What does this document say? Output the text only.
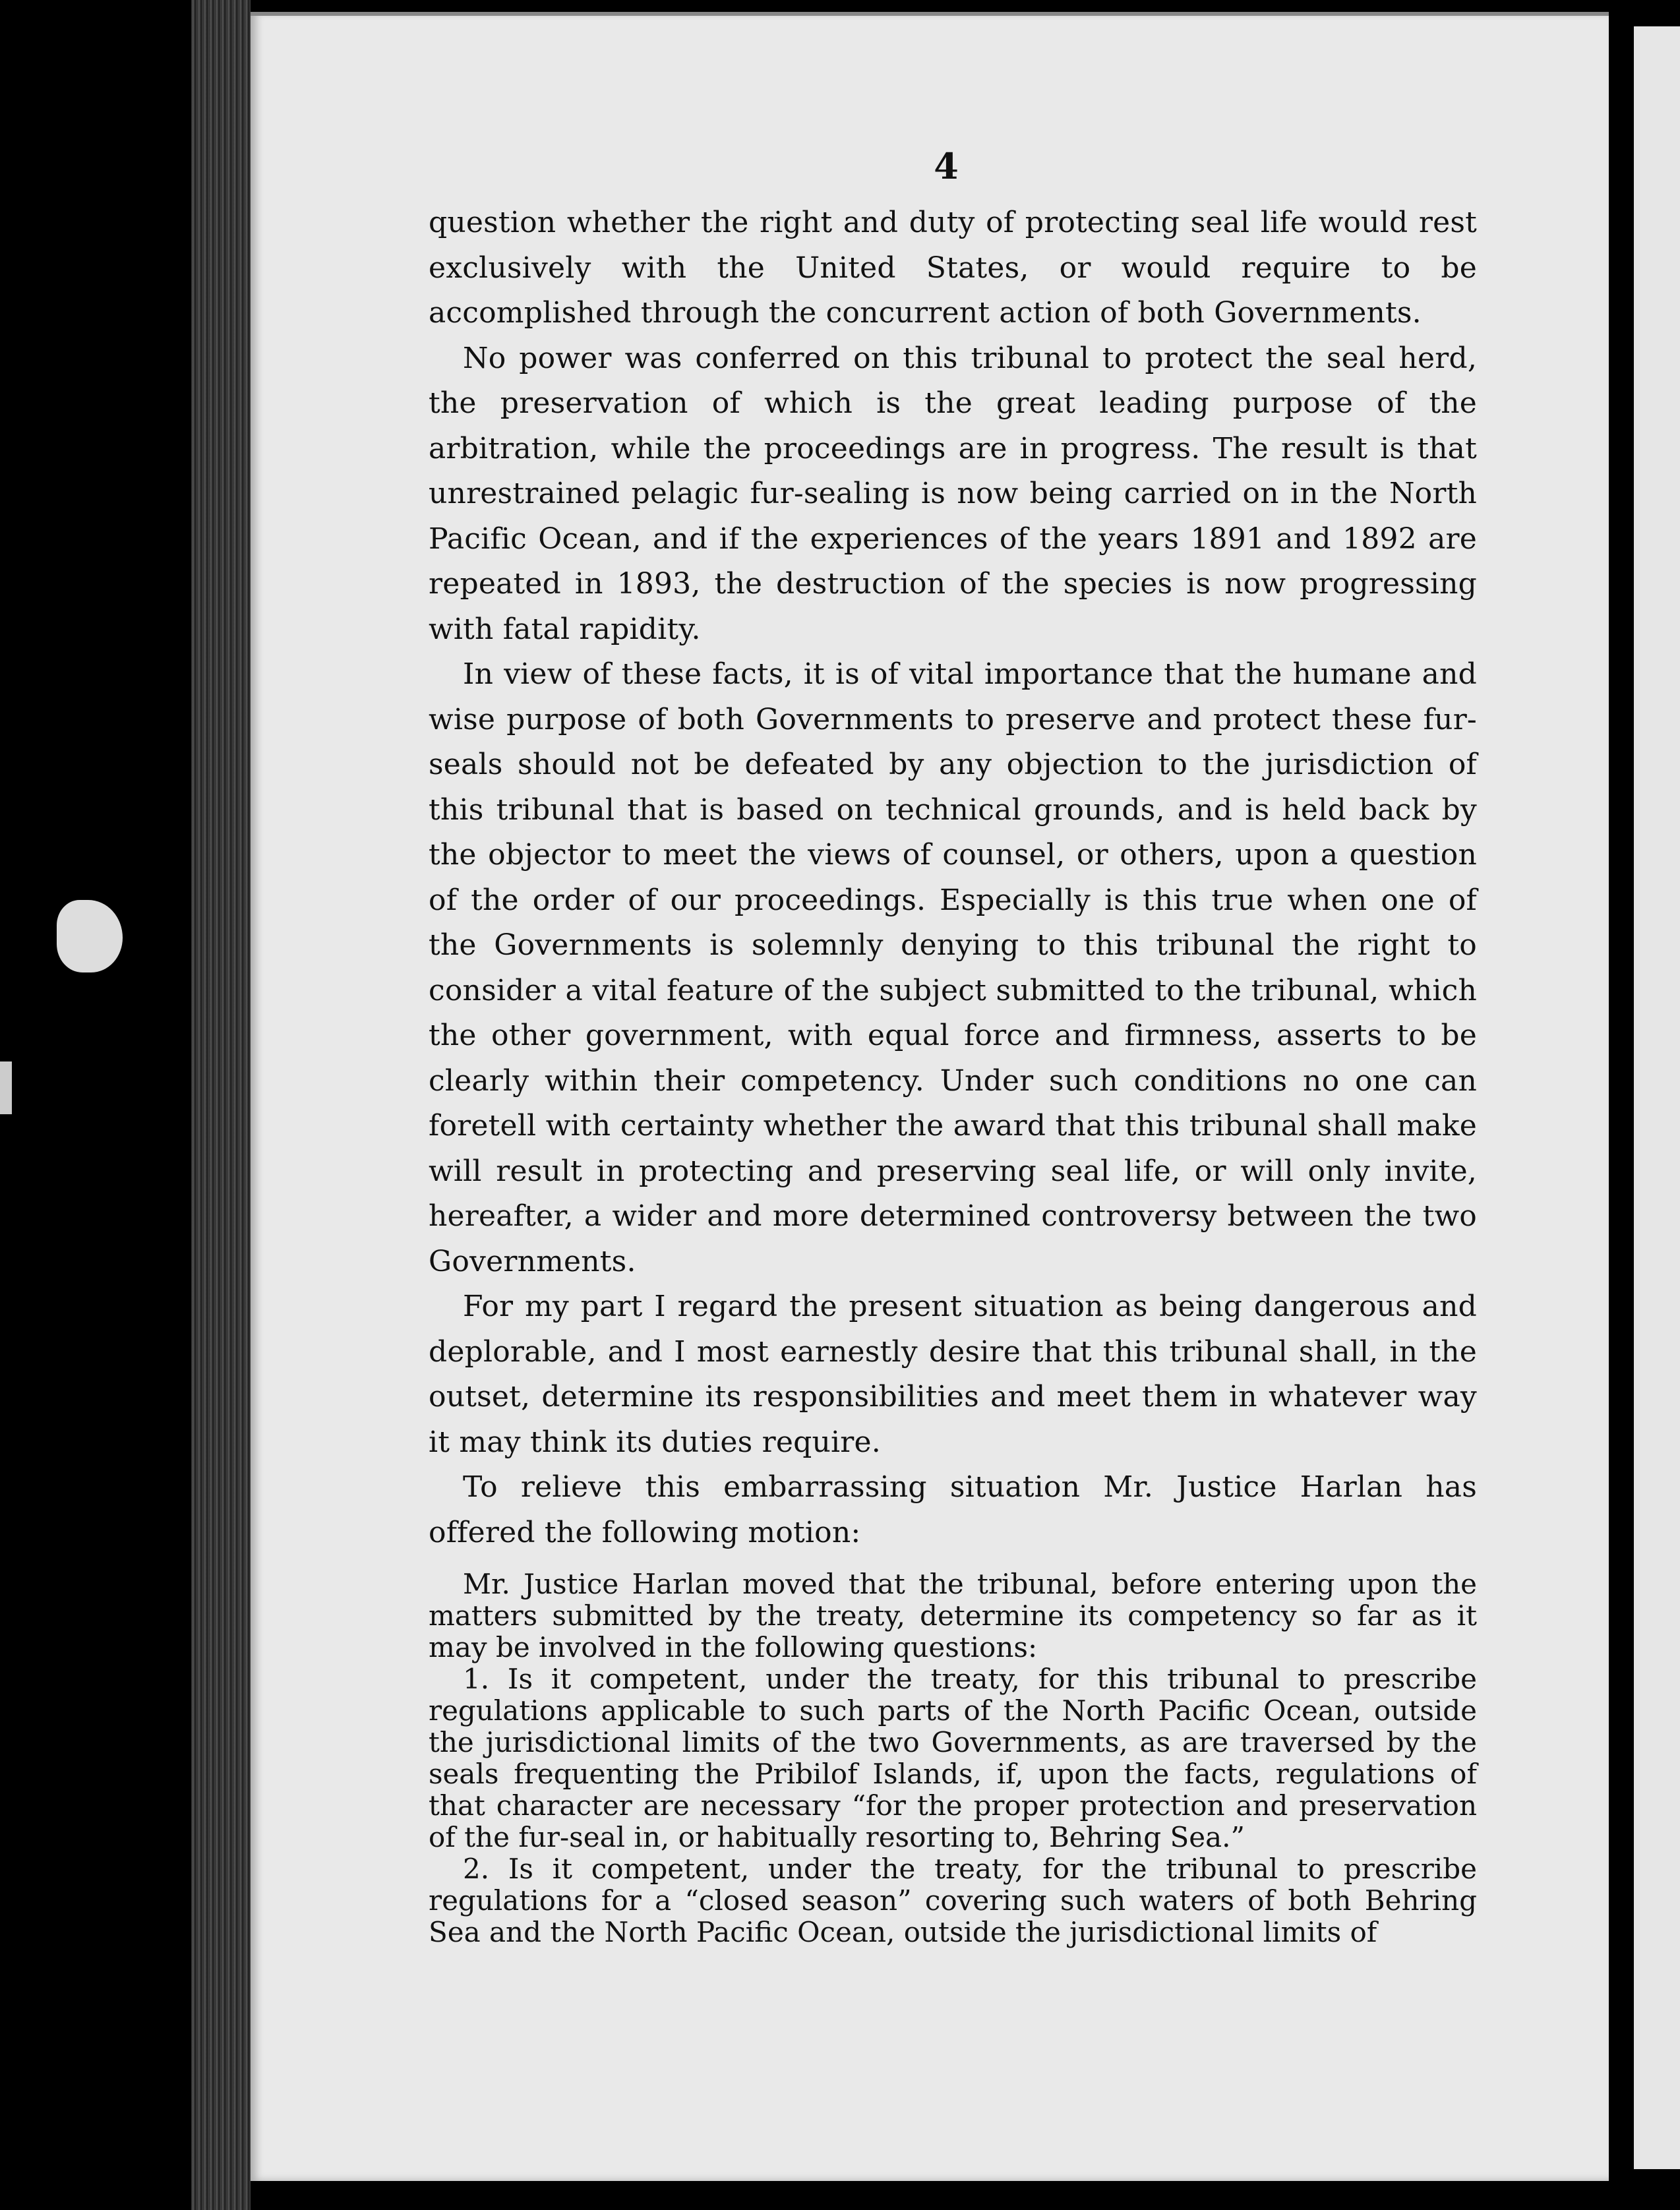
4

question whether the right and duty of protecting seal life would rest exclusively with the United States, or would require to be accomplished through the concurrent action of both Governments.

No power was conferred on this tribunal to protect the seal herd, the preservation of which is the great leading purpose of the arbitration, while the proceedings are in progress. The result is that unrestrained pelagic fur-sealing is now being carried on in the North Pacific Ocean, and if the experiences of the years 1891 and 1892 are repeated in 1893, the destruction of the species is now progressing with fatal rapidity.

In view of these facts, it is of vital importance that the humane and wise purpose of both Governments to preserve and protect these fur-seals should not be defeated by any objection to the jurisdiction of this tribunal that is based on technical grounds, and is held back by the objector to meet the views of counsel, or others, upon a question of the order of our proceedings. Especially is this true when one of the Governments is solemnly denying to this tribunal the right to consider a vital feature of the subject submitted to the tribunal, which the other government, with equal force and firmness, asserts to be clearly within their competency. Under such conditions no one can foretell with certainty whether the award that this tribunal shall make will result in protecting and preserving seal life, or will only invite, hereafter, a wider and more determined controversy between the two Governments.

For my part I regard the present situation as being dangerous and deplorable, and I most earnestly desire that this tribunal shall, in the outset, determine its responsibilities and meet them in whatever way it may think its duties require.

To relieve this embarrassing situation Mr. Justice Harlan has offered the following motion:

Mr. Justice Harlan moved that the tribunal, before entering upon the matters submitted by the treaty, determine its competency so far as it may be involved in the following questions:

1. Is it competent, under the treaty, for this tribunal to prescribe regulations applicable to such parts of the North Pacific Ocean, outside the jurisdictional limits of the two Governments, as are traversed by the seals frequenting the Pribilof Islands, if, upon the facts, regulations of that character are necessary “for the proper protection and preservation of the fur-seal in, or habitually resorting to, Behring Sea.”

2. Is it competent, under the treaty, for the tribunal to prescribe regulations for a “closed season” covering such waters of both Behring Sea and the North Pacific Ocean, outside the jurisdictional limits of
